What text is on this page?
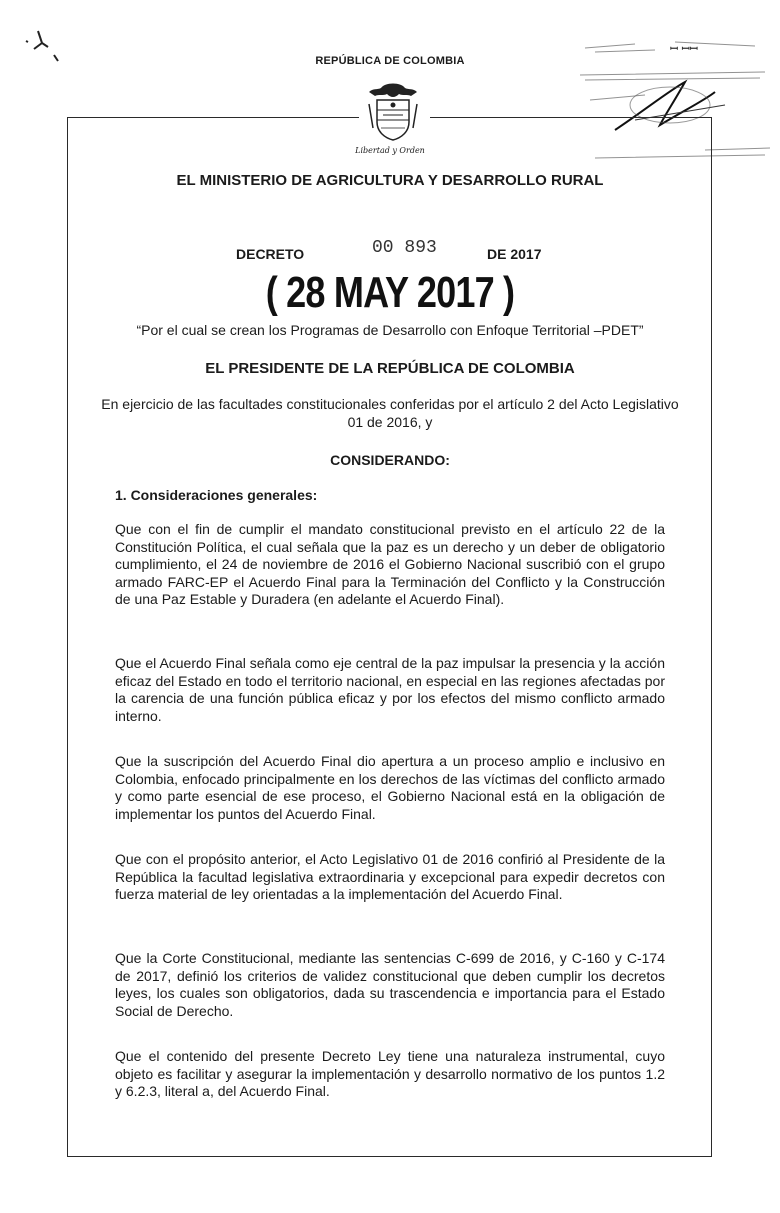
ꟷ ꟷꟷ
REPÚBLICA DE COLOMBIA
Libertad y Orden
EL MINISTERIO DE AGRICULTURA Y DESARROLLO RURAL
DECRETO	00 893	DE 2017
( 28 MAY 2017 )
“Por el cual se crean los Programas de Desarrollo con Enfoque Territorial –PDET”
EL PRESIDENTE DE LA REPÚBLICA DE COLOMBIA
En ejercicio de las facultades constitucionales conferidas por el artículo 2 del Acto Legislativo 01 de 2016, y
CONSIDERANDO:
1. Consideraciones generales:
Que con el fin de cumplir el mandato constitucional previsto en el artículo 22 de la Constitución Política, el cual señala que la paz es un derecho y un deber de obligatorio cumplimiento, el 24 de noviembre de 2016 el Gobierno Nacional suscribió con el grupo armado FARC-EP el Acuerdo Final para la Terminación del Conflicto y la Construcción de una Paz Estable y Duradera (en adelante el Acuerdo Final).
Que el Acuerdo Final señala como eje central de la paz impulsar la presencia y la acción eficaz del Estado en todo el territorio nacional, en especial en las regiones afectadas por la carencia de una función pública eficaz y por los efectos del mismo conflicto armado interno.
Que la suscripción del Acuerdo Final dio apertura a un proceso amplio e inclusivo en Colombia, enfocado principalmente en los derechos de las víctimas del conflicto armado y como parte esencial de ese proceso, el Gobierno Nacional está en la obligación de implementar los puntos del Acuerdo Final.
Que con el propósito anterior, el Acto Legislativo 01 de 2016 confirió al Presidente de la República la facultad legislativa extraordinaria y excepcional para expedir decretos con fuerza material de ley orientadas a la implementación del Acuerdo Final.
Que la Corte Constitucional, mediante las sentencias C-699 de 2016, y C-160 y C-174 de 2017, definió los criterios de validez constitucional que deben cumplir los decretos leyes, los cuales son obligatorios, dada su trascendencia e importancia para el Estado Social de Derecho.
Que el contenido del presente Decreto Ley tiene una naturaleza instrumental, cuyo objeto es facilitar y asegurar la implementación y desarrollo normativo de los puntos 1.2 y 6.2.3, literal a, del Acuerdo Final.
